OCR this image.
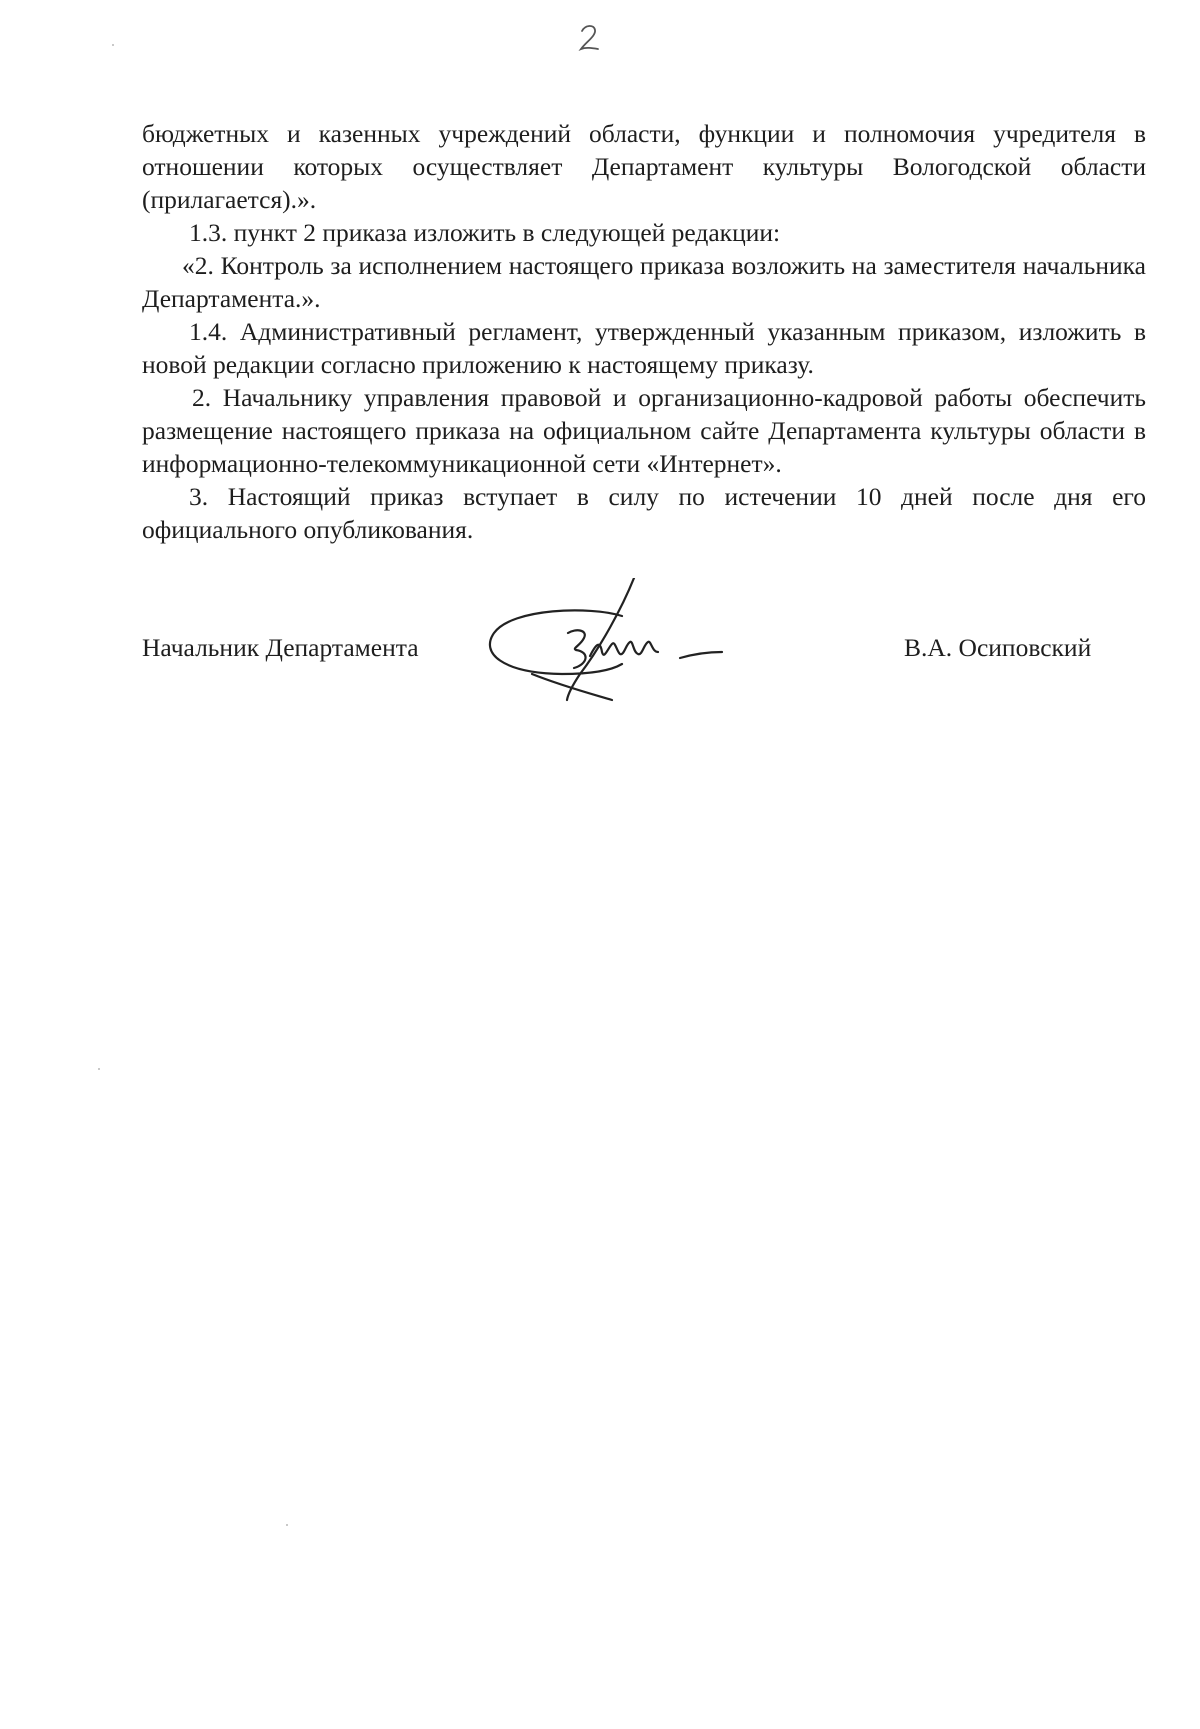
бюджетных и казенных учреждений области, функции и полномочия учредителя в отношении которых осуществляет Департамент культуры Вологодской области (прилагается).».

1.3. пункт 2 приказа изложить в следующей редакции:

«2. Контроль за исполнением настоящего приказа возложить на заместителя начальника Департамента.».

1.4. Административный регламент, утвержденный указанным приказом, изложить в новой редакции согласно приложению к настоящему приказу.

2. Начальнику управления правовой и организационно-кадровой работы обеспечить размещение настоящего приказа на официальном сайте Департамента культуры области в информационно-телекоммуникационной сети «Интернет».

3. Настоящий приказ вступает в силу по истечении 10 дней после дня его официального опубликования.

Начальник Департамента	В.А. Осиповский
